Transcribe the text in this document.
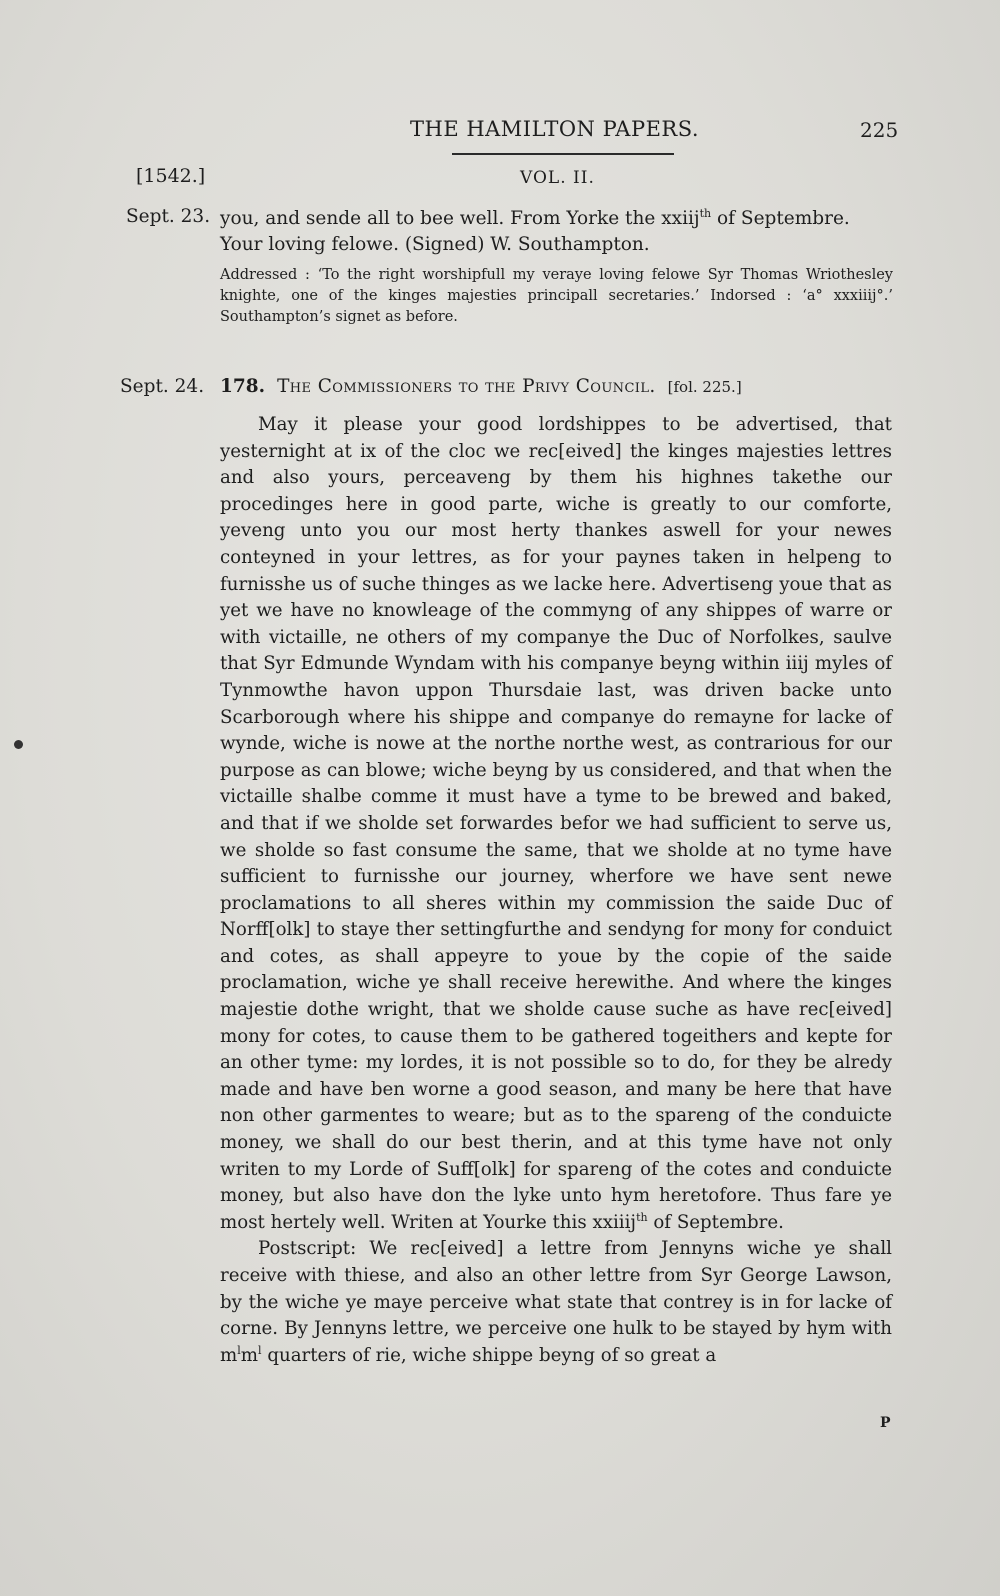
THE HAMILTON PAPERS.	225
[1542.]	VOL. II.
Sept. 23. you, and sende all to bee well. From Yorke the xxiij$^{th}$ of Septembre.
Your loving felowe. (Signed) W. Southampton.
Addressed : ‘To the right worshipfull my veraye loving felowe Syr Thomas Wriothesley knighte, one of the kinges majesties principall secretaries.’ Indorsed : ‘a° xxxiiij°.’ Southampton’s signet as before.
Sept. 24. 178. The Commissioners to the Privy Council. [fol. 225.]

May it please your good lordshippes to be advertised, that yesternight at ix of the cloc we rec[eived] the kinges majesties lettres and also yours, perceaveng by them his highnes takethe our procedinges here in good parte, wiche is greatly to our comforte, yeveng unto you our most herty thankes aswell for your newes conteyned in your lettres, as for your paynes taken in helpeng to furnisshe us of suche thinges as we lacke here. Advertiseng youe that as yet we have no knowleage of the commyng of any shippes of warre or with victaille, ne others of my companye the Duc of Norfolkes, saulve that Syr Edmunde Wyndam with his companye beyng within iiij myles of Tynmowthe havon uppon Thursdaie last, was driven backe unto Scarborough where his shippe and companye do remayne for lacke of wynde, wiche is nowe at the northe northe west, as contrarious for our purpose as can blowe; wiche beyng by us considered, and that when the victaille shalbe comme it must have a tyme to be brewed and baked, and that if we sholde set forwardes befor we had sufficient to serve us, we sholde so fast consume the same, that we sholde at no tyme have sufficient to furnisshe our journey, wherfore we have sent newe proclamations to all sheres within my commission the saide Duc of Norff[olk] to staye ther settingfurthe and sendyng for mony for conduict and cotes, as shall appeyre to youe by the copie of the saide proclamation, wiche ye shall receive herewithe. And where the kinges majestie dothe wright, that we sholde cause suche as have rec[eived] mony for cotes, to cause them to be gathered togeithers and kepte for an other tyme: my lordes, it is not possible so to do, for they be alredy made and have ben worne a good season, and many be here that have non other garmentes to weare; but as to the spareng of the conduicte money, we shall do our best therin, and at this tyme have not only writen to my Lorde of Suff[olk] for spareng of the cotes and conduicte money, but also have don the lyke unto hym heretofore. Thus fare ye most hertely well. Writen at Yourke this xxiiij$^{th}$ of Septembre.

Postscript: We rec[eived] a lettre from Jennyns wiche ye shall receive with thiese, and also an other lettre from Syr George Lawson, by the wiche ye maye perceive what state that contrey is in for lacke of corne. By Jennyns lettre, we perceive one hulk to be stayed by hym with $m^lm^l$ quarters of rie, wiche shippe beyng of so great a

P
